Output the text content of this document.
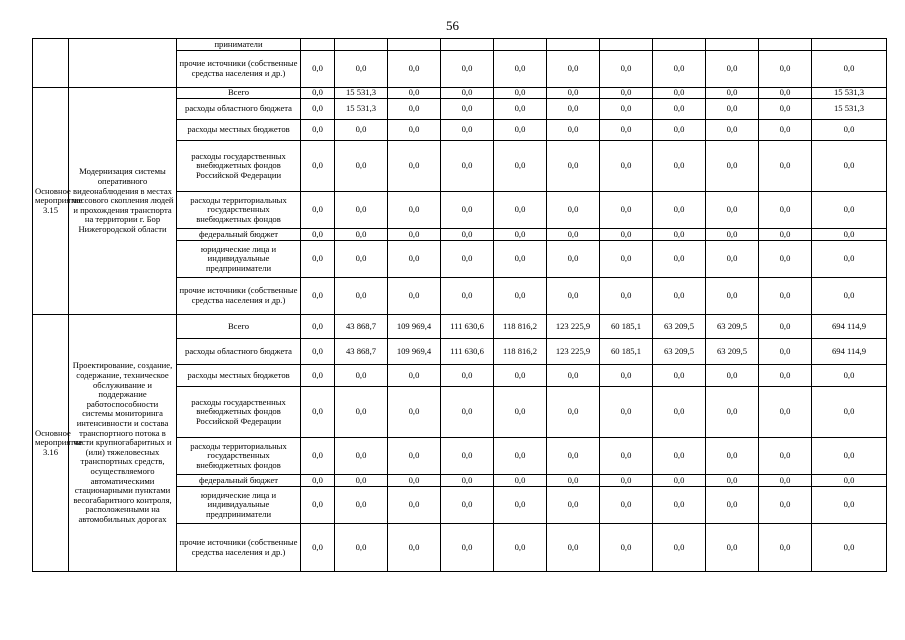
56
		приниматели											
		прочие источники (собственные средства населения и др.)	0,0	0,0	0,0	0,0	0,0	0,0	0,0	0,0	0,0	0,0	0,0
Основное мероприятие 3.15	Модернизация системы оперативного видеонаблюдения в местах массового скопления людей и прохождения транспорта на территории г. Бор Нижегородской области	Всего	0,0	15 531,3	0,0	0,0	0,0	0,0	0,0	0,0	0,0	0,0	15 531,3
		расходы областного бюджета	0,0	15 531,3	0,0	0,0	0,0	0,0	0,0	0,0	0,0	0,0	15 531,3
		расходы местных бюджетов	0,0	0,0	0,0	0,0	0,0	0,0	0,0	0,0	0,0	0,0	0,0
		расходы государственных внебюджетных фондов Российской Федерации	0,0	0,0	0,0	0,0	0,0	0,0	0,0	0,0	0,0	0,0	0,0
		расходы территориальных государственных внебюджетных фондов	0,0	0,0	0,0	0,0	0,0	0,0	0,0	0,0	0,0	0,0	0,0
		федеральный бюджет	0,0	0,0	0,0	0,0	0,0	0,0	0,0	0,0	0,0	0,0	0,0
		юридические лица и индивидуальные предприниматели	0,0	0,0	0,0	0,0	0,0	0,0	0,0	0,0	0,0	0,0	0,0
		прочие источники (собственные средства населения и др.)	0,0	0,0	0,0	0,0	0,0	0,0	0,0	0,0	0,0	0,0	0,0
Основное мероприятие 3.16	Проектирование, создание, содержание, техническое обслуживание и поддержание работоспособности системы мониторинга интенсивности и состава транспортного потока в части крупногабаритных и (или) тяжеловесных транспортных средств, осуществляемого автоматическими стационарными пунктами весогабаритного контроля, расположенными на автомобильных дорогах	Всего	0,0	43 868,7	109 969,4	111 630,6	118 816,2	123 225,9	60 185,1	63 209,5	63 209,5	0,0	694 114,9
		расходы областного бюджета	0,0	43 868,7	109 969,4	111 630,6	118 816,2	123 225,9	60 185,1	63 209,5	63 209,5	0,0	694 114,9
		расходы местных бюджетов	0,0	0,0	0,0	0,0	0,0	0,0	0,0	0,0	0,0	0,0	0,0
		расходы государственных внебюджетных фондов Российской Федерации	0,0	0,0	0,0	0,0	0,0	0,0	0,0	0,0	0,0	0,0	0,0
		расходы территориальных государственных внебюджетных фондов	0,0	0,0	0,0	0,0	0,0	0,0	0,0	0,0	0,0	0,0	0,0
		федеральный бюджет	0,0	0,0	0,0	0,0	0,0	0,0	0,0	0,0	0,0	0,0	0,0
		юридические лица и индивидуальные предприниматели	0,0	0,0	0,0	0,0	0,0	0,0	0,0	0,0	0,0	0,0	0,0
		прочие источники (собственные средства населения и др.)	0,0	0,0	0,0	0,0	0,0	0,0	0,0	0,0	0,0	0,0	0,0
